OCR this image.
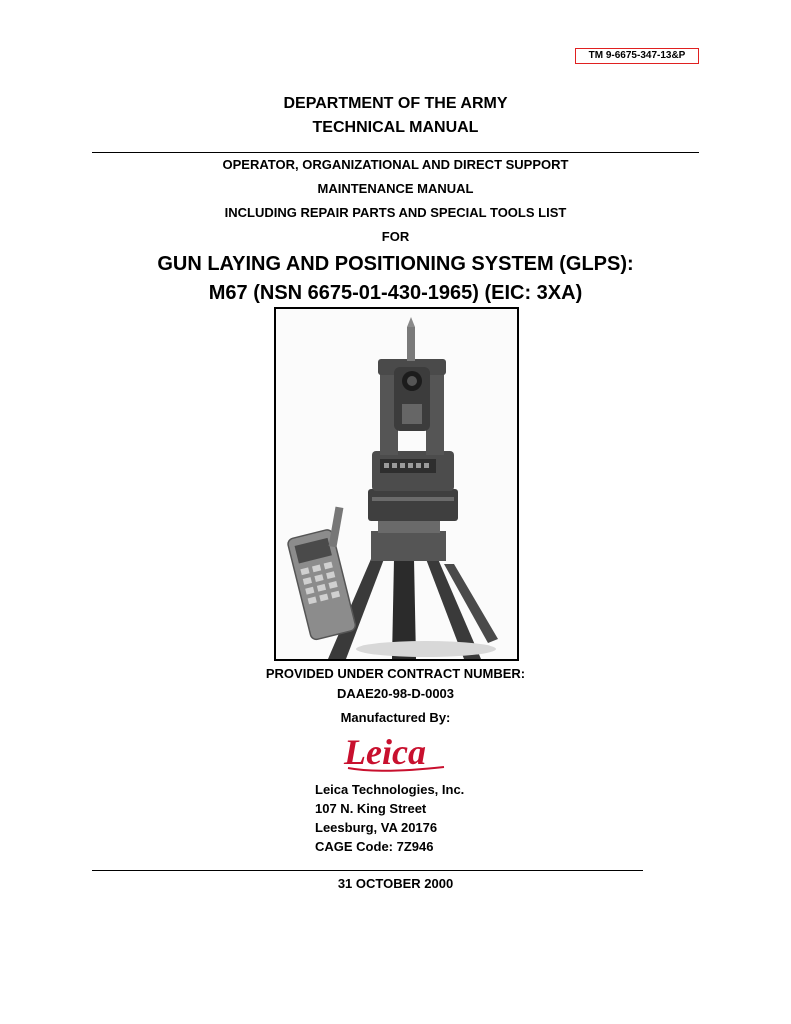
TM 9-6675-347-13&P
DEPARTMENT OF THE ARMY
TECHNICAL MANUAL
OPERATOR, ORGANIZATIONAL AND DIRECT SUPPORT
MAINTENANCE MANUAL
INCLUDING REPAIR PARTS AND SPECIAL TOOLS LIST
FOR
GUN LAYING AND POSITIONING SYSTEM (GLPS):
M67 (NSN 6675-01-430-1965) (EIC: 3XA)
PROVIDED UNDER CONTRACT NUMBER:
DAAE20-98-D-0003
Manufactured By:
Leica
Leica Technologies, Inc.
107 N. King Street
Leesburg, VA 20176
CAGE Code: 7Z946
31 OCTOBER 2000
